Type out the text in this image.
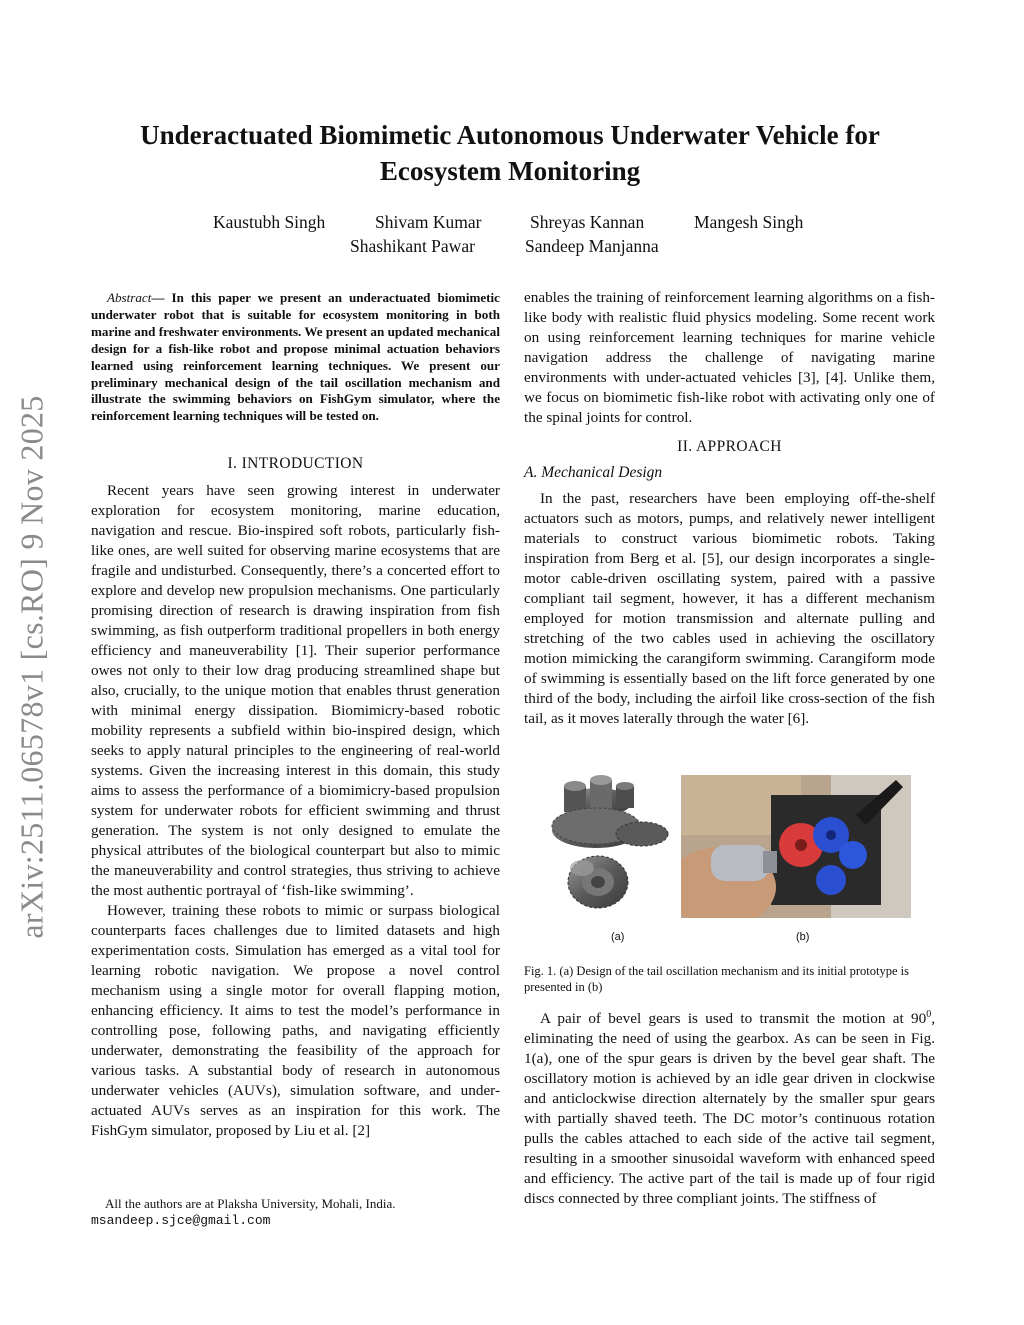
arXiv:2511.06578v1 [cs.RO] 9 Nov 2025
Underactuated Biomimetic Autonomous Underwater Vehicle for
Ecosystem Monitoring
Kaustubh Singh	Shivam Kumar	Shreyas Kannan	Mangesh Singh
Shashikant Pawar	Sandeep Manjanna
Abstract— In this paper we present an underactuated biomimetic underwater robot that is suitable for ecosystem monitoring in both marine and freshwater environments. We present an updated mechanical design for a fish-like robot and propose minimal actuation behaviors learned using reinforcement learning techniques. We present our preliminary mechanical design of the tail oscillation mechanism and illustrate the swimming behaviors on FishGym simulator, where the reinforcement learning techniques will be tested on.
I. INTRODUCTION

Recent years have seen growing interest in underwater exploration for ecosystem monitoring, marine education, navigation and rescue. Bio-inspired soft robots, particularly fish-like ones, are well suited for observing marine ecosystems that are fragile and undisturbed. Consequently, there’s a concerted effort to explore and develop new propulsion mechanisms. One particularly promising direction of research is drawing inspiration from fish swimming, as fish outperform traditional propellers in both energy efficiency and maneuverability [1]. Their superior performance owes not only to their low drag producing streamlined shape but also, crucially, to the unique motion that enables thrust generation with minimal energy dissipation. Biomimicry-based robotic mobility represents a subfield within bio-inspired design, which seeks to apply natural principles to the engineering of real-world systems. Given the increasing interest in this domain, this study aims to assess the performance of a biomimicry-based propulsion system for underwater robots for efficient swimming and thrust generation. The system is not only designed to emulate the physical attributes of the biological counterpart but also to mimic the maneuverability and control strategies, thus striving to achieve the most authentic portrayal of ‘fish-like swimming’.

However, training these robots to mimic or surpass biological counterparts faces challenges due to limited datasets and high experimentation costs. Simulation has emerged as a vital tool for learning robotic navigation. We propose a novel control mechanism using a single motor for overall flapping motion, enhancing efficiency. It aims to test the model’s performance in controlling pose, following paths, and navigating efficiently underwater, demonstrating the feasibility of the approach for various tasks. A substantial body of research in autonomous underwater vehicles (AUVs), simulation software, and under-actuated AUVs serves as an inspiration for this work. The FishGym simulator, proposed by Liu et al. [2]

All the authors are at Plaksha University, Mohali, India.
msandeep.sjce@gmail.com

enables the training of reinforcement learning algorithms on a fish-like body with realistic fluid physics modeling. Some recent work on using reinforcement learning techniques for marine vehicle navigation address the challenge of navigating marine environments with under-actuated vehicles [3], [4]. Unlike them, we focus on biomimetic fish-like robot with activating only one of the spinal joints for control.

II. APPROACH
A. Mechanical Design

In the past, researchers have been employing off-the-shelf actuators such as motors, pumps, and relatively newer intelligent materials to construct various biomimetic robots. Taking inspiration from Berg et al. [5], our design incorporates a single-motor cable-driven oscillating system, paired with a passive compliant tail segment, however, it has a different mechanism employed for motion transmission and alternate pulling and stretching of the two cables used in achieving the oscillatory motion mimicking the carangiform swimming. Carangiform mode of swimming is essentially based on the lift force generated by one third of the body, including the airfoil like cross-section of the fish tail, as it moves laterally through the water [6].

(a)	(b)
Fig. 1. (a) Design of the tail oscillation mechanism and its initial prototype is presented in (b)

A pair of bevel gears is used to transmit the motion at $90^0$, eliminating the need of using the gearbox. As can be seen in Fig. 1(a), one of the spur gears is driven by the bevel gear shaft. The oscillatory motion is achieved by an idle gear driven in clockwise and anticlockwise direction alternately by the smaller spur gears with partially shaved teeth. The DC motor’s continuous rotation pulls the cables attached to each side of the active tail segment, resulting in a smoother sinusoidal waveform with enhanced speed and efficiency. The active part of the tail is made up of four rigid discs connected by three compliant joints. The stiffness of
